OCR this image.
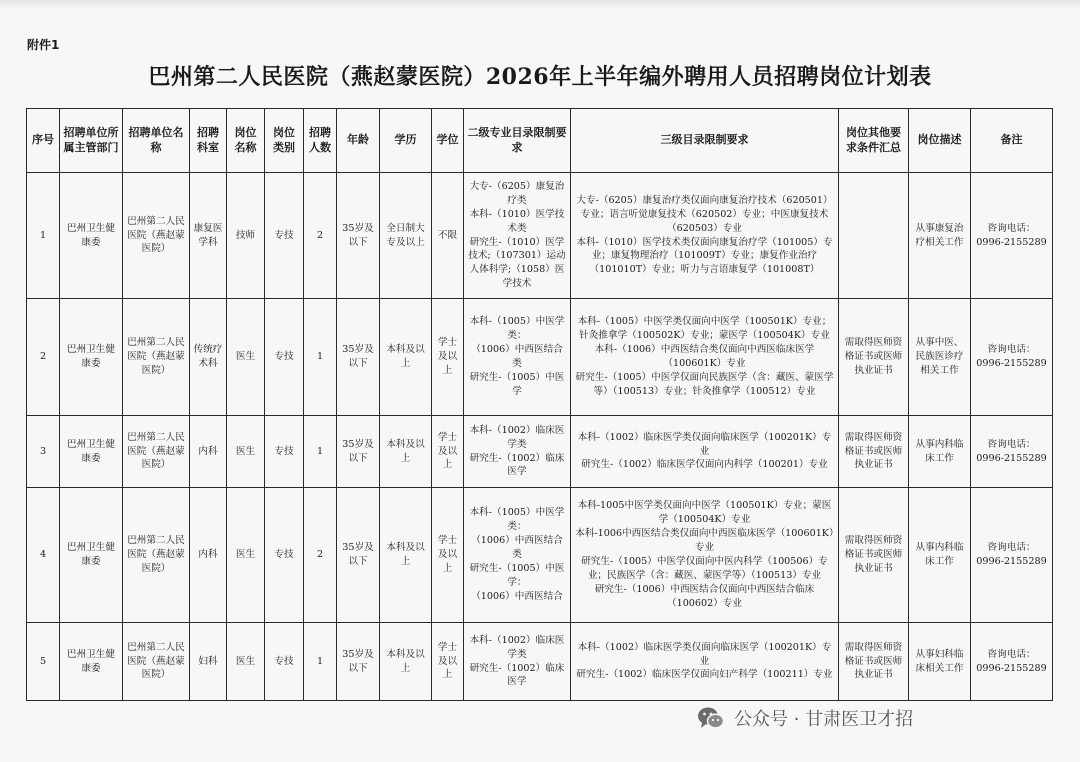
附件1
巴州第二人民医院（燕赵蒙医院）2026年上半年编外聘用人员招聘岗位计划表
序号	招聘单位所属主管部门	招聘单位名称	招聘科室	岗位名称	岗位类别	招聘人数	年龄	学历	学位	二级专业目录限制要求	三级目录限制要求	岗位其他要求条件汇总	岗位描述	备注
1	巴州卫生健康委	巴州第二人民医院（燕赵蒙医院）	康复医学科	技师	专技	2	35岁及以下	全日制大专及以上	不限	大专-（6205）康复治疗类
本科-（1010）医学技术类
研究生-（1010）医学技术;（107301）运动人体科学;（1058）医学技术	大专-（6205）康复治疗类仅面向康复治疗技术（620501）专业；语言听觉康复技术（620502）专业；中医康复技术（620503）专业
本科-（1010）医学技术类仅面向康复治疗学（101005）专业；康复物理治疗（101009T）专业；康复作业治疗（101010T）专业；听力与言语康复学（101008T）		从事康复治疗相关工作	咨询电话：0996-2155289
2	巴州卫生健康委	巴州第二人民医院（燕赵蒙医院）	传统疗术科	医生	专技	1	35岁及以下	本科及以上	学士及以上	本科-（1005）中医学类：
（1006）中西医结合类
研究生-（1005）中医学	本科-（1005）中医学类仅面向中医学（100501K）专业；针灸推拿学（100502K）专业；蒙医学（100504K）专业
本科-（1006）中西医结合类仅面向中西医临床医学（100601K）专业
研究生-（1005）中医学仅面向民族医学（含：藏医、蒙医学等）（100513）专业；针灸推拿学（100512）专业	需取得医师资格证书或医师执业证书	从事中医、民族医诊疗相关工作	咨询电话：0996-2155289
3	巴州卫生健康委	巴州第二人民医院（燕赵蒙医院）	内科	医生	专技	1	35岁及以下	本科及以上	学士及以上	本科-（1002）临床医学类
研究生-（1002）临床医学	本科-（1002）临床医学类仅面向临床医学（100201K）专业
研究生-（1002）临床医学仅面向内科学（100201）专业	需取得医师资格证书或医师执业证书	从事内科临床工作	咨询电话：0996-2155289
4	巴州卫生健康委	巴州第二人民医院（燕赵蒙医院）	内科	医生	专技	2	35岁及以下	本科及以上	学士及以上	本科-（1005）中医学类：
（1006）中西医结合类
研究生-（1005）中医学：
（1006）中西医结合	本科-1005中医学类仅面向中医学（100501K）专业；蒙医学（100504K）专业
本科-1006中西医结合类仅面向中西医临床医学（100601K）专业
研究生-（1005）中医学仅面向中医内科学（100506）专业；民族医学（含：藏医、蒙医学等）（100513）专业
研究生-（1006）中西医结合仅面向中西医结合临床（100602）专业	需取得医师资格证书或医师执业证书	从事内科临床工作	咨询电话：0996-2155289
5	巴州卫生健康委	巴州第二人民医院（燕赵蒙医院）	妇科	医生	专技	1	35岁及以下	本科及以上	学士及以上	本科-（1002）临床医学类
研究生-（1002）临床医学	本科-（1002）临床医学类仅面向临床医学（100201K）专业
研究生-（1002）临床医学仅面向妇产科学（100211）专业	需取得医师资格证书或医师执业证书	从事妇科临床相关工作	咨询电话：0996-2155289
公众号 · 甘肃医卫才招
